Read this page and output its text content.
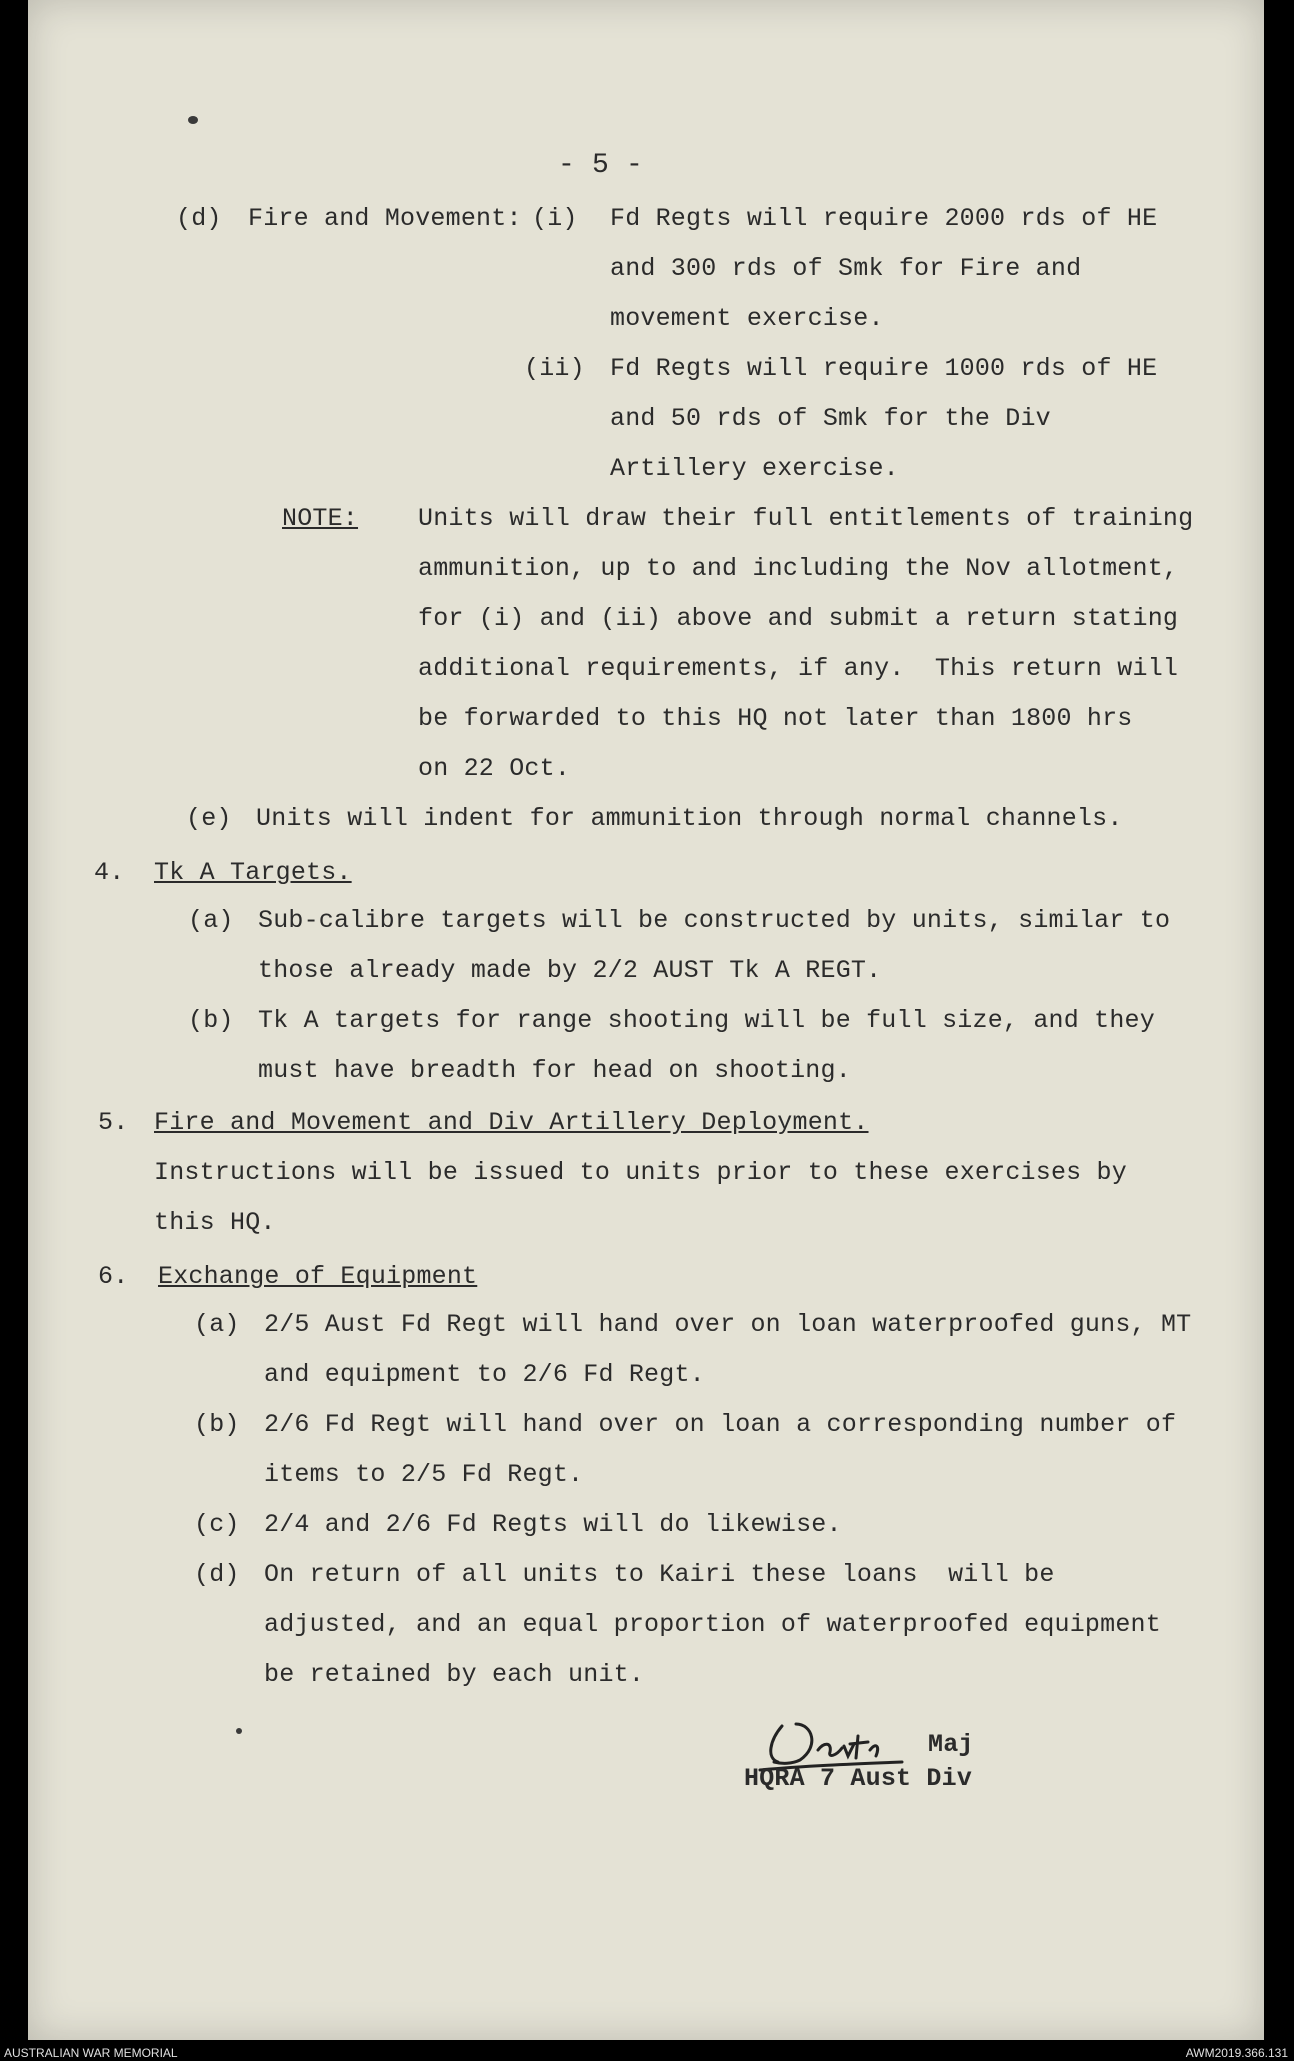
- 5 -
(d) Fire and Movement: (i) Fd Regts will require 2000 rds of HE
and 300 rds of Smk for Fire and
movement exercise.
(ii) Fd Regts will require 1000 rds of HE
and 50 rds of Smk for the Div
Artillery exercise.
NOTE: Units will draw their full entitlements of training
ammunition, up to and including the Nov allotment,
for (i) and (ii) above and submit a return stating
additional requirements, if any.  This return will
be forwarded to this HQ not later than 1800 hrs
on 22 Oct.
(e) Units will indent for ammunition through normal channels.
4. Tk A Targets.
(a) Sub-calibre targets will be constructed by units, similar to
those already made by 2/2 AUST Tk A REGT.
(b) Tk A targets for range shooting will be full size, and they
must have breadth for head on shooting.
5. Fire and Movement and Div Artillery Deployment.
Instructions will be issued to units prior to these exercises by
this HQ.
6. Exchange of Equipment
(a) 2/5 Aust Fd Regt will hand over on loan waterproofed guns, MT
and equipment to 2/6 Fd Regt.
(b) 2/6 Fd Regt will hand over on loan a corresponding number of
items to 2/5 Fd Regt.
(c) 2/4 and 2/6 Fd Regts will do likewise.
(d) On return of all units to Kairi these loans  will be
adjusted, and an equal proportion of waterproofed equipment
be retained by each unit.
Maj
HQRA 7 Aust Div
AUSTRALIAN WAR MEMORIAL	AWM2019.366.131
